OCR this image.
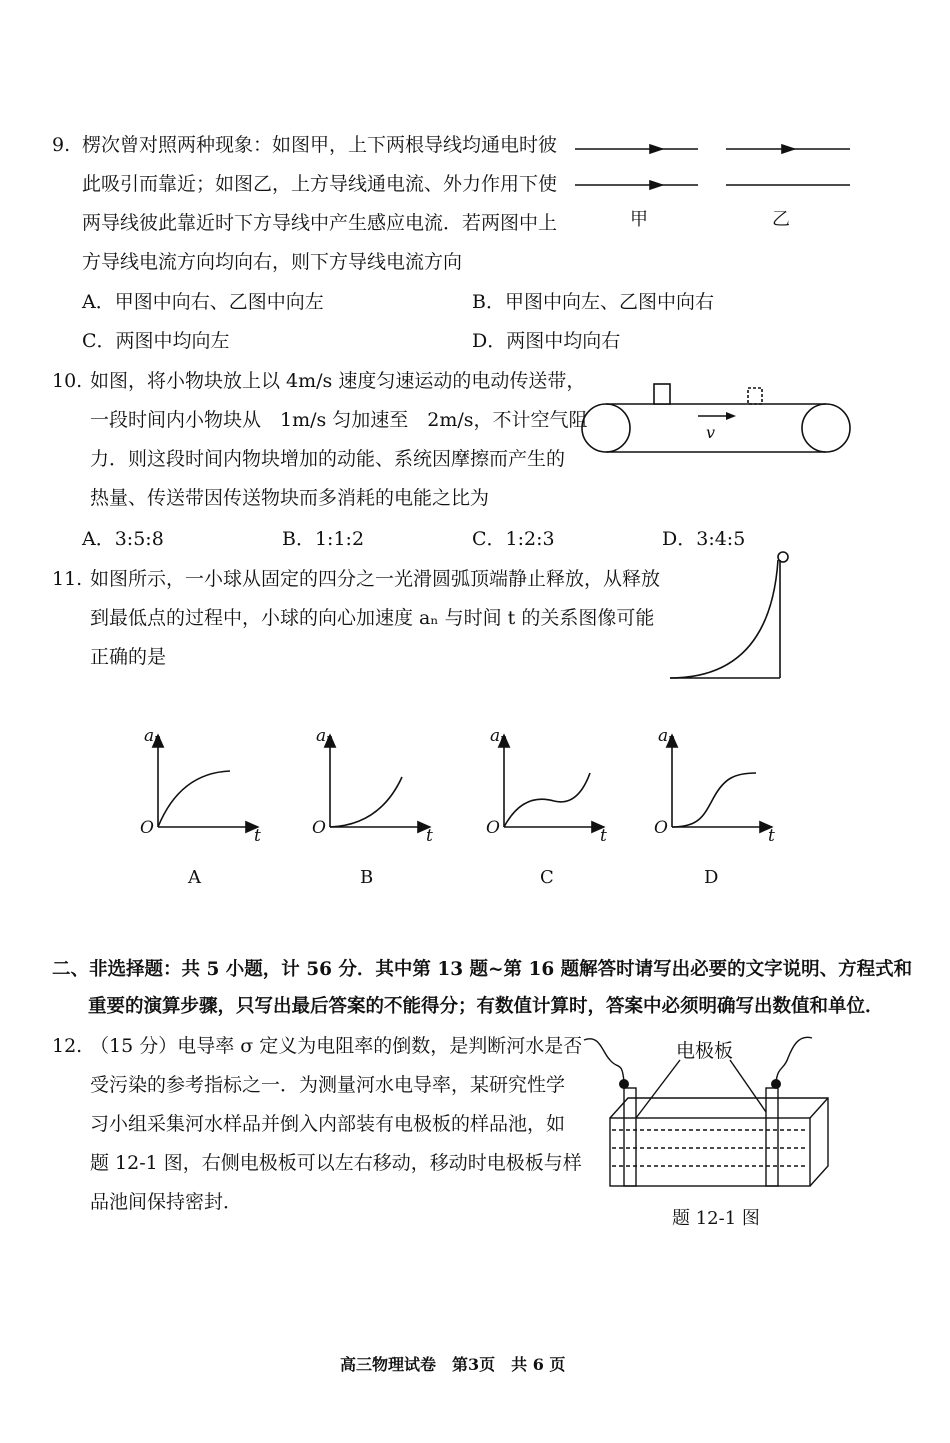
9. 楞次曾对照两种现象：如图甲，上下两根导线均通电时彼
此吸引而靠近；如图乙，上方导线通电流、外力作用下使
两导线彼此靠近时下方导线中产生感应电流．若两图中上
方导线电流方向均向右，则下方导线电流方向
甲	乙
A．甲图中向右、乙图中向左	B．甲图中向左、乙图中向右
C．两图中均向左	D．两图中均向右
10. 如图，将小物块放上以 4m/s 速度匀速运动的电动传送带，
一段时间内小物块从　1m/s 匀加速至　2m/s，不计空气阻
力．则这段时间内物块增加的动能、系统因摩擦而产生的
热量、传送带因传送物块而多消耗的电能之比为
v
A．3:5:8	B．1:1:2	C．1:2:3	D．3:4:5
11. 如图所示，一小球从固定的四分之一光滑圆弧顶端静止释放，从释放
到最低点的过程中，小球的向心加速度 aₙ 与时间 t 的关系图像可能
正确的是
aₙ
O	t
aₙ
O	t
aₙ
O	t
aₙ
O	t
A	B	C	D
二、非选择题：共 5 小题，计 56 分．其中第 13 题~第 16 题解答时请写出必要的文字说明、方程式和
重要的演算步骤，只写出最后答案的不能得分；有数值计算时，答案中必须明确写出数值和单位．
12. （15 分）电导率 σ 定义为电阻率的倒数，是判断河水是否
受污染的参考指标之一．为测量河水电导率，某研究性学
习小组采集河水样品并倒入内部装有电极板的样品池，如
题 12-1 图，右侧电极板可以左右移动，移动时电极板与样
品池间保持密封．
电极板
题 12-1 图
高三物理试卷　第3页　共 6 页
